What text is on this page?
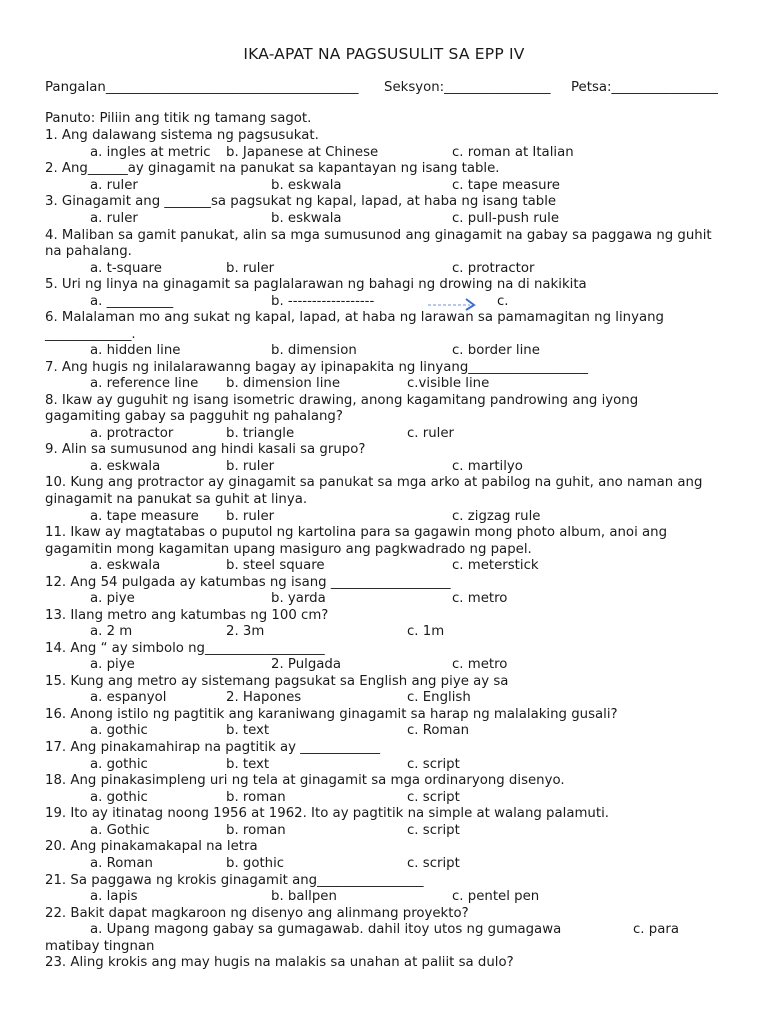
IKA-APAT NA PAGSUSULIT SA EPP IV
Pangalan______________________________________ Seksyon:________________ Petsa:________________
Panuto: Piliin ang titik ng tamang sagot.
1. Ang dalawang sistema ng pagsusukat.
a. ingles at metric b. Japanese at Chinese	c. roman at Italian
2. Ang______ay ginagamit na panukat sa kapantayan ng isang table.
a. ruler	b. eskwala	c. tape measure
3. Ginagamit ang _______sa pagsukat ng kapal, lapad, at haba ng isang table
a. ruler	b. eskwala	c. pull-push rule
4. Maliban sa gamit panukat, alin sa mga sumusunod ang ginagamit na gabay sa paggawa ng guhit
na pahalang.
a. t-square	b. ruler	c. protractor
5. Uri ng linya na ginagamit sa paglalarawan ng bahagi ng drowing na di nakikita
a. __________	b. ------------------	c.
6. Malalaman mo ang sukat ng kapal, lapad, at haba ng larawan sa pamamagitan ng linyang
_____________.
a. hidden line	b. dimension	c. border line
7. Ang hugis ng inilalarawanng bagay ay ipinapakita ng linyang__________________
a. reference line b. dimension line	c.visible line
8. Ikaw ay guguhit ng isang isometric drawing, anong kagamitang pandrowing ang iyong
gagamiting gabay sa pagguhit ng pahalang?
a. protractor	b. triangle	c. ruler
9. Alin sa sumusunod ang hindi kasali sa grupo?
a. eskwala	b. ruler	c. martilyo
10. Kung ang protractor ay ginagamit sa panukat sa mga arko at pabilog na guhit, ano naman ang
ginagamit na panukat sa guhit at linya.
a. tape measure b. ruler	c. zigzag rule
11. Ikaw ay magtatabas o puputol ng kartolina para sa gagawin mong photo album, anoi ang
gagamitin mong kagamitan upang masiguro ang pagkwadrado ng papel.
a. eskwala	b. steel square	c. meterstick
12. Ang 54 pulgada ay katumbas ng isang __________________
a. piye	b. yarda	c. metro
13. Ilang metro ang katumbas ng 100 cm?
a. 2 m	2. 3m	c. 1m
14. Ang “ ay simbolo ng__________________
a. piye	2. Pulgada	c. metro
15. Kung ang metro ay sistemang pagsukat sa English ang piye ay sa
a. espanyol	2. Hapones	c. English
16. Anong istilo ng pagtitik ang karaniwang ginagamit sa harap ng malalaking gusali?
a. gothic	b. text	c. Roman
17. Ang pinakamahirap na pagtitik ay ____________
a. gothic	b. text	c. script
18. Ang pinakasimpleng uri ng tela at ginagamit sa mga ordinaryong disenyo.
a. gothic	b. roman	c. script
19. Ito ay itinatag noong 1956 at 1962. Ito ay pagtitik na simple at walang palamuti.
a. Gothic	b. roman	c. script
20. Ang pinakamakapal na letra
a. Roman	b. gothic	c. script
21. Sa paggawa ng krokis ginagamit ang________________
a. lapis	b. ballpen	c. pentel pen
22. Bakit dapat magkaroon ng disenyo ang alinmang proyekto?
a. Upang magong gabay sa gumagawab. dahil itoy utos ng gumagawa	c. para
matibay tingnan
23. Aling krokis ang may hugis na malakis sa unahan at paliit sa dulo?
